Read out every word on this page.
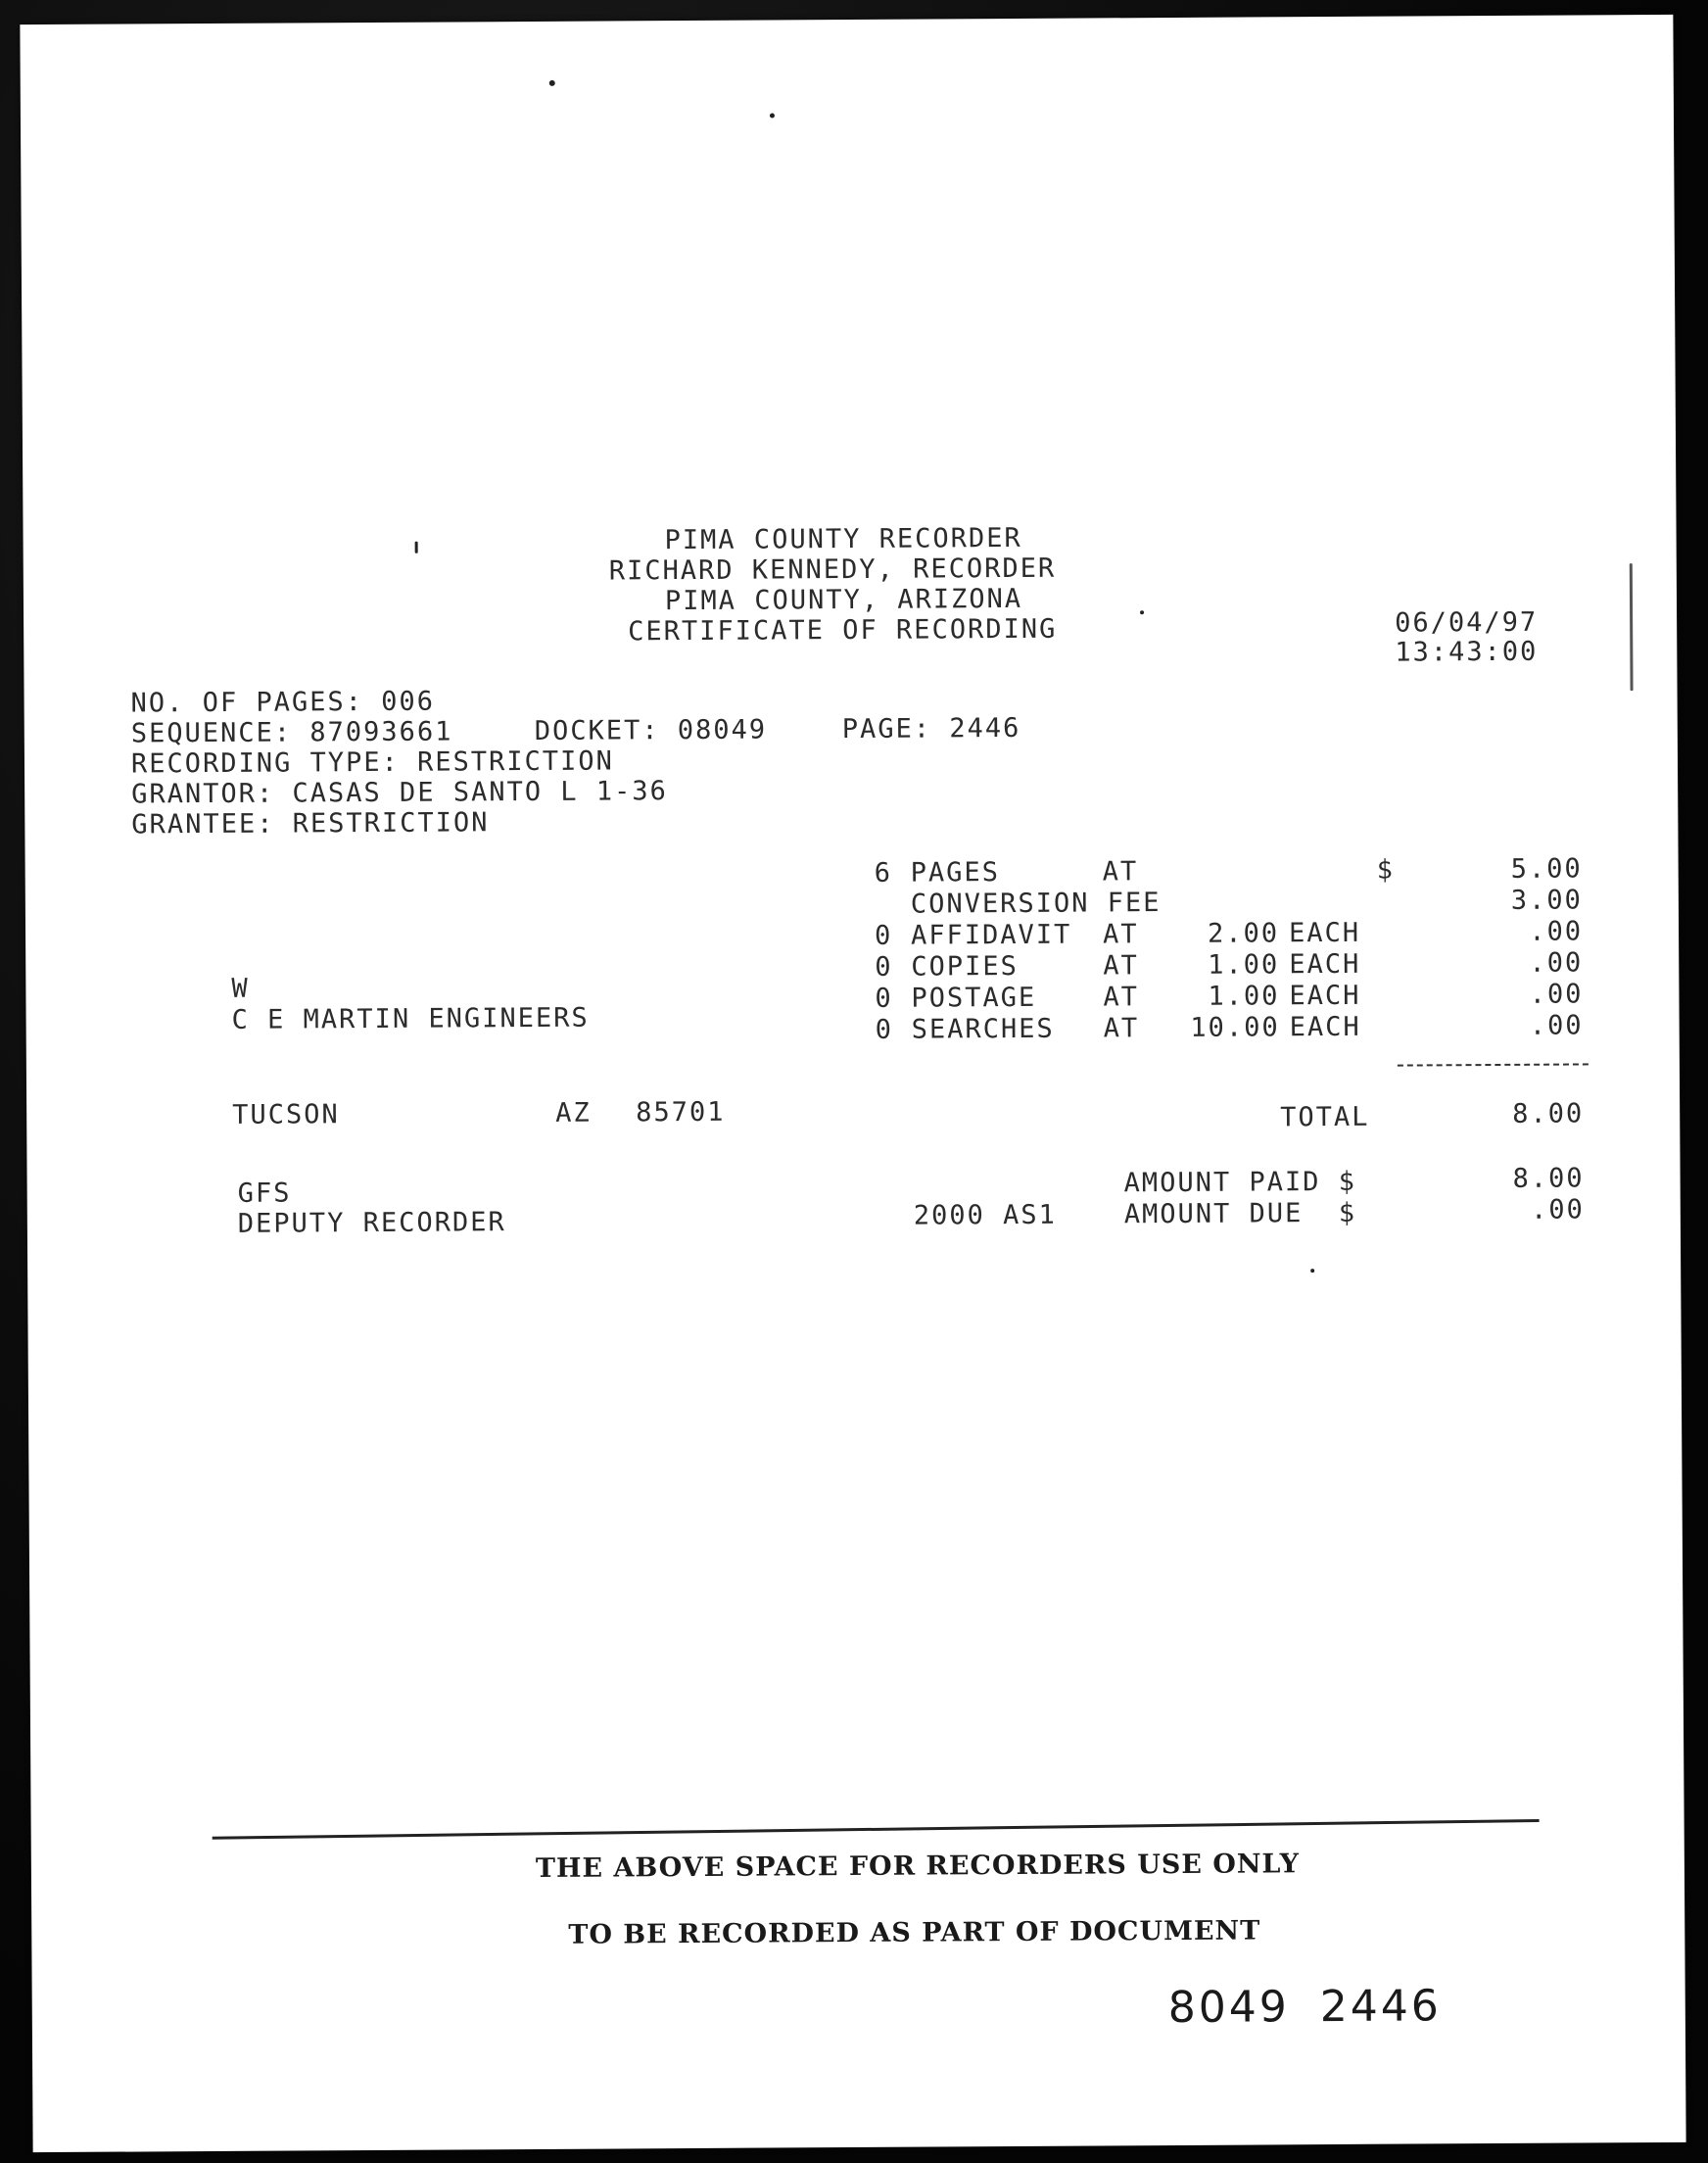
PIMA COUNTY RECORDER
RICHARD KENNEDY, RECORDER
PIMA COUNTY, ARIZONA
CERTIFICATE OF RECORDING	06/04/97
13:43:00
NO. OF PAGES: 006
SEQUENCE: 87093661	DOCKET: 08049	PAGE: 2446
RECORDING TYPE: RESTRICTION
GRANTOR: CASAS DE SANTO L 1-36
GRANTEE: RESTRICTION
W
C E MARTIN ENGINEERS
TUCSON	AZ 85701
6 PAGES	AT	$	5.00
CONVERSION FEE	3.00
0 AFFIDAVIT AT	2.00 EACH	.00
0 COPIES	AT	1.00 EACH	.00
0 POSTAGE	AT	1.00 EACH	.00
0 SEARCHES AT	10.00 EACH	.00
TOTAL	8.00
GFS
DEPUTY RECORDER	2000 AS1
AMOUNT PAID $	8.00
AMOUNT DUE  $	.00
THE ABOVE SPACE FOR RECORDERS USE ONLY
TO BE RECORDED AS PART OF DOCUMENT
8049 2446
